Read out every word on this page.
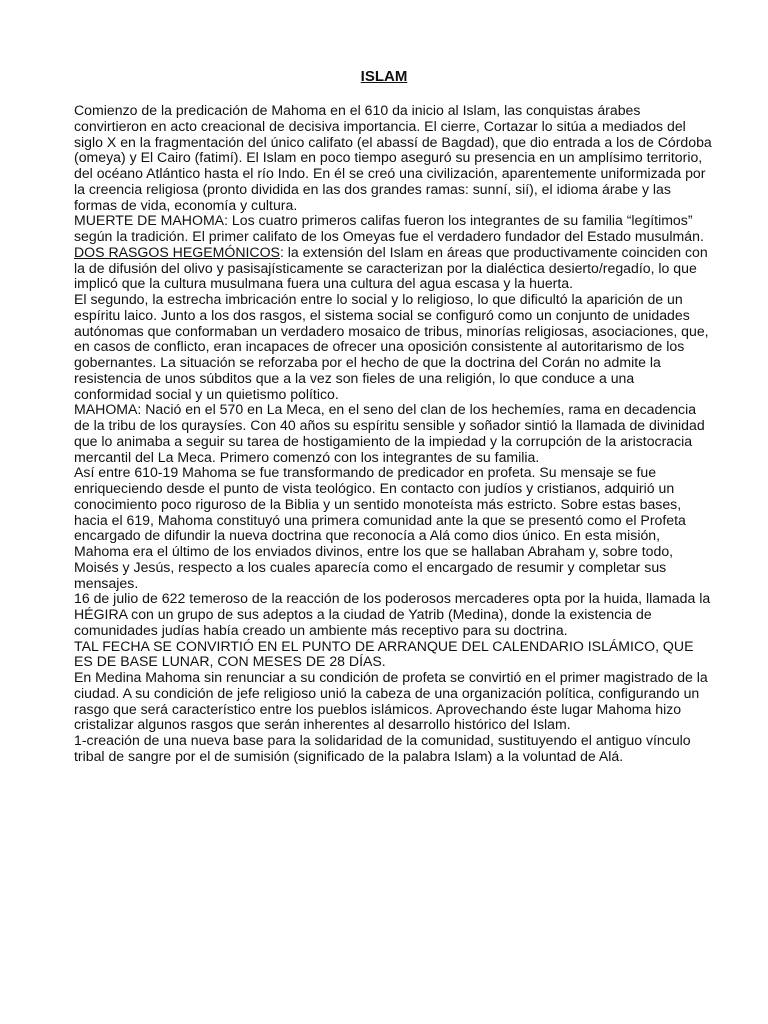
ISLAM

Comienzo de la predicación de Mahoma en el 610 da inicio al Islam, las conquistas árabes convirtieron en acto creacional de decisiva importancia. El cierre, Cortazar lo sitúa a mediados del siglo X en la fragmentación del único califato (el abassí de Bagdad), que dio entrada a los de Córdoba (omeya) y El Cairo (fatimí). El Islam en poco tiempo aseguró su presencia en un amplísimo territorio, del océano Atlántico hasta el río Indo. En él se creó una civilización, aparentemente uniformizada por la creencia religiosa (pronto dividida en las dos grandes ramas: sunní, sií), el idioma árabe y las formas de vida, economía y cultura.

MUERTE DE MAHOMA: Los cuatro primeros califas fueron los integrantes de su familia “legítimos” según la tradición. El primer califato de los Omeyas fue el verdadero fundador del Estado musulmán.

DOS RASGOS HEGEMÓNICOS: la extensión del Islam en áreas que productivamente coinciden con la de difusión del olivo y pasisajísticamente se caracterizan por la dialéctica desierto/regadío, lo que implicó que la cultura musulmana fuera una cultura del agua escasa y la huerta.

El segundo, la estrecha imbricación entre lo social y lo religioso, lo que dificultó la aparición de un espíritu laico. Junto a los dos rasgos, el sistema social se configuró como un conjunto de unidades autónomas que conformaban un verdadero mosaico de tribus, minorías religiosas, asociaciones, que, en casos de conflicto, eran incapaces de ofrecer una oposición consistente al autoritarismo de los gobernantes. La situación se reforzaba por el hecho de que la doctrina del Corán no admite la resistencia de unos súbditos que a la vez son fieles de una religión, lo que conduce a una conformidad social y un quietismo político.

MAHOMA: Nació en el 570 en La Meca, en el seno del clan de los hechemíes, rama en decadencia de la tribu de los quraysíes. Con 40 años su espíritu sensible y soñador sintió la llamada de divinidad que lo animaba a seguir su tarea de hostigamiento de la impiedad y la corrupción de la aristocracia mercantil del La Meca. Primero comenzó con los integrantes de su familia.

Así entre 610-19 Mahoma se fue transformando de predicador en profeta. Su mensaje se fue enriqueciendo desde el punto de vista teológico. En contacto con judíos y cristianos, adquirió un conocimiento poco riguroso de la Biblia y un sentido monoteísta más estricto. Sobre estas bases, hacia el 619, Mahoma constituyó una primera comunidad ante la que se presentó como el Profeta encargado de difundir la nueva doctrina que reconocía a Alá como dios único. En esta misión, Mahoma era el último de los enviados divinos, entre los que se hallaban Abraham y, sobre todo, Moisés y Jesús, respecto a los cuales aparecía como el encargado de resumir y completar sus mensajes.

16 de julio de 622 temeroso de la reacción de los poderosos mercaderes opta por la huida, llamada la HÉGIRA con un grupo de sus adeptos a la ciudad de Yatrib (Medina), donde la existencia de comunidades judías había creado un ambiente más receptivo para su doctrina.

TAL FECHA SE CONVIRTIÓ EN EL PUNTO DE ARRANQUE DEL CALENDARIO ISLÁMICO, QUE ES DE BASE LUNAR, CON MESES DE 28 DÍAS.

En Medina Mahoma sin renunciar a su condición de profeta se convirtió en el primer magistrado de la ciudad. A su condición de jefe religioso unió la cabeza de una organización política, configurando un rasgo que será característico entre los pueblos islámicos. Aprovechando éste lugar Mahoma hizo cristalizar algunos rasgos que serán inherentes al desarrollo histórico del Islam.

1-creación de una nueva base para la solidaridad de la comunidad, sustituyendo el antiguo vínculo tribal de sangre por el de sumisión (significado de la palabra Islam) a la voluntad de Alá.
